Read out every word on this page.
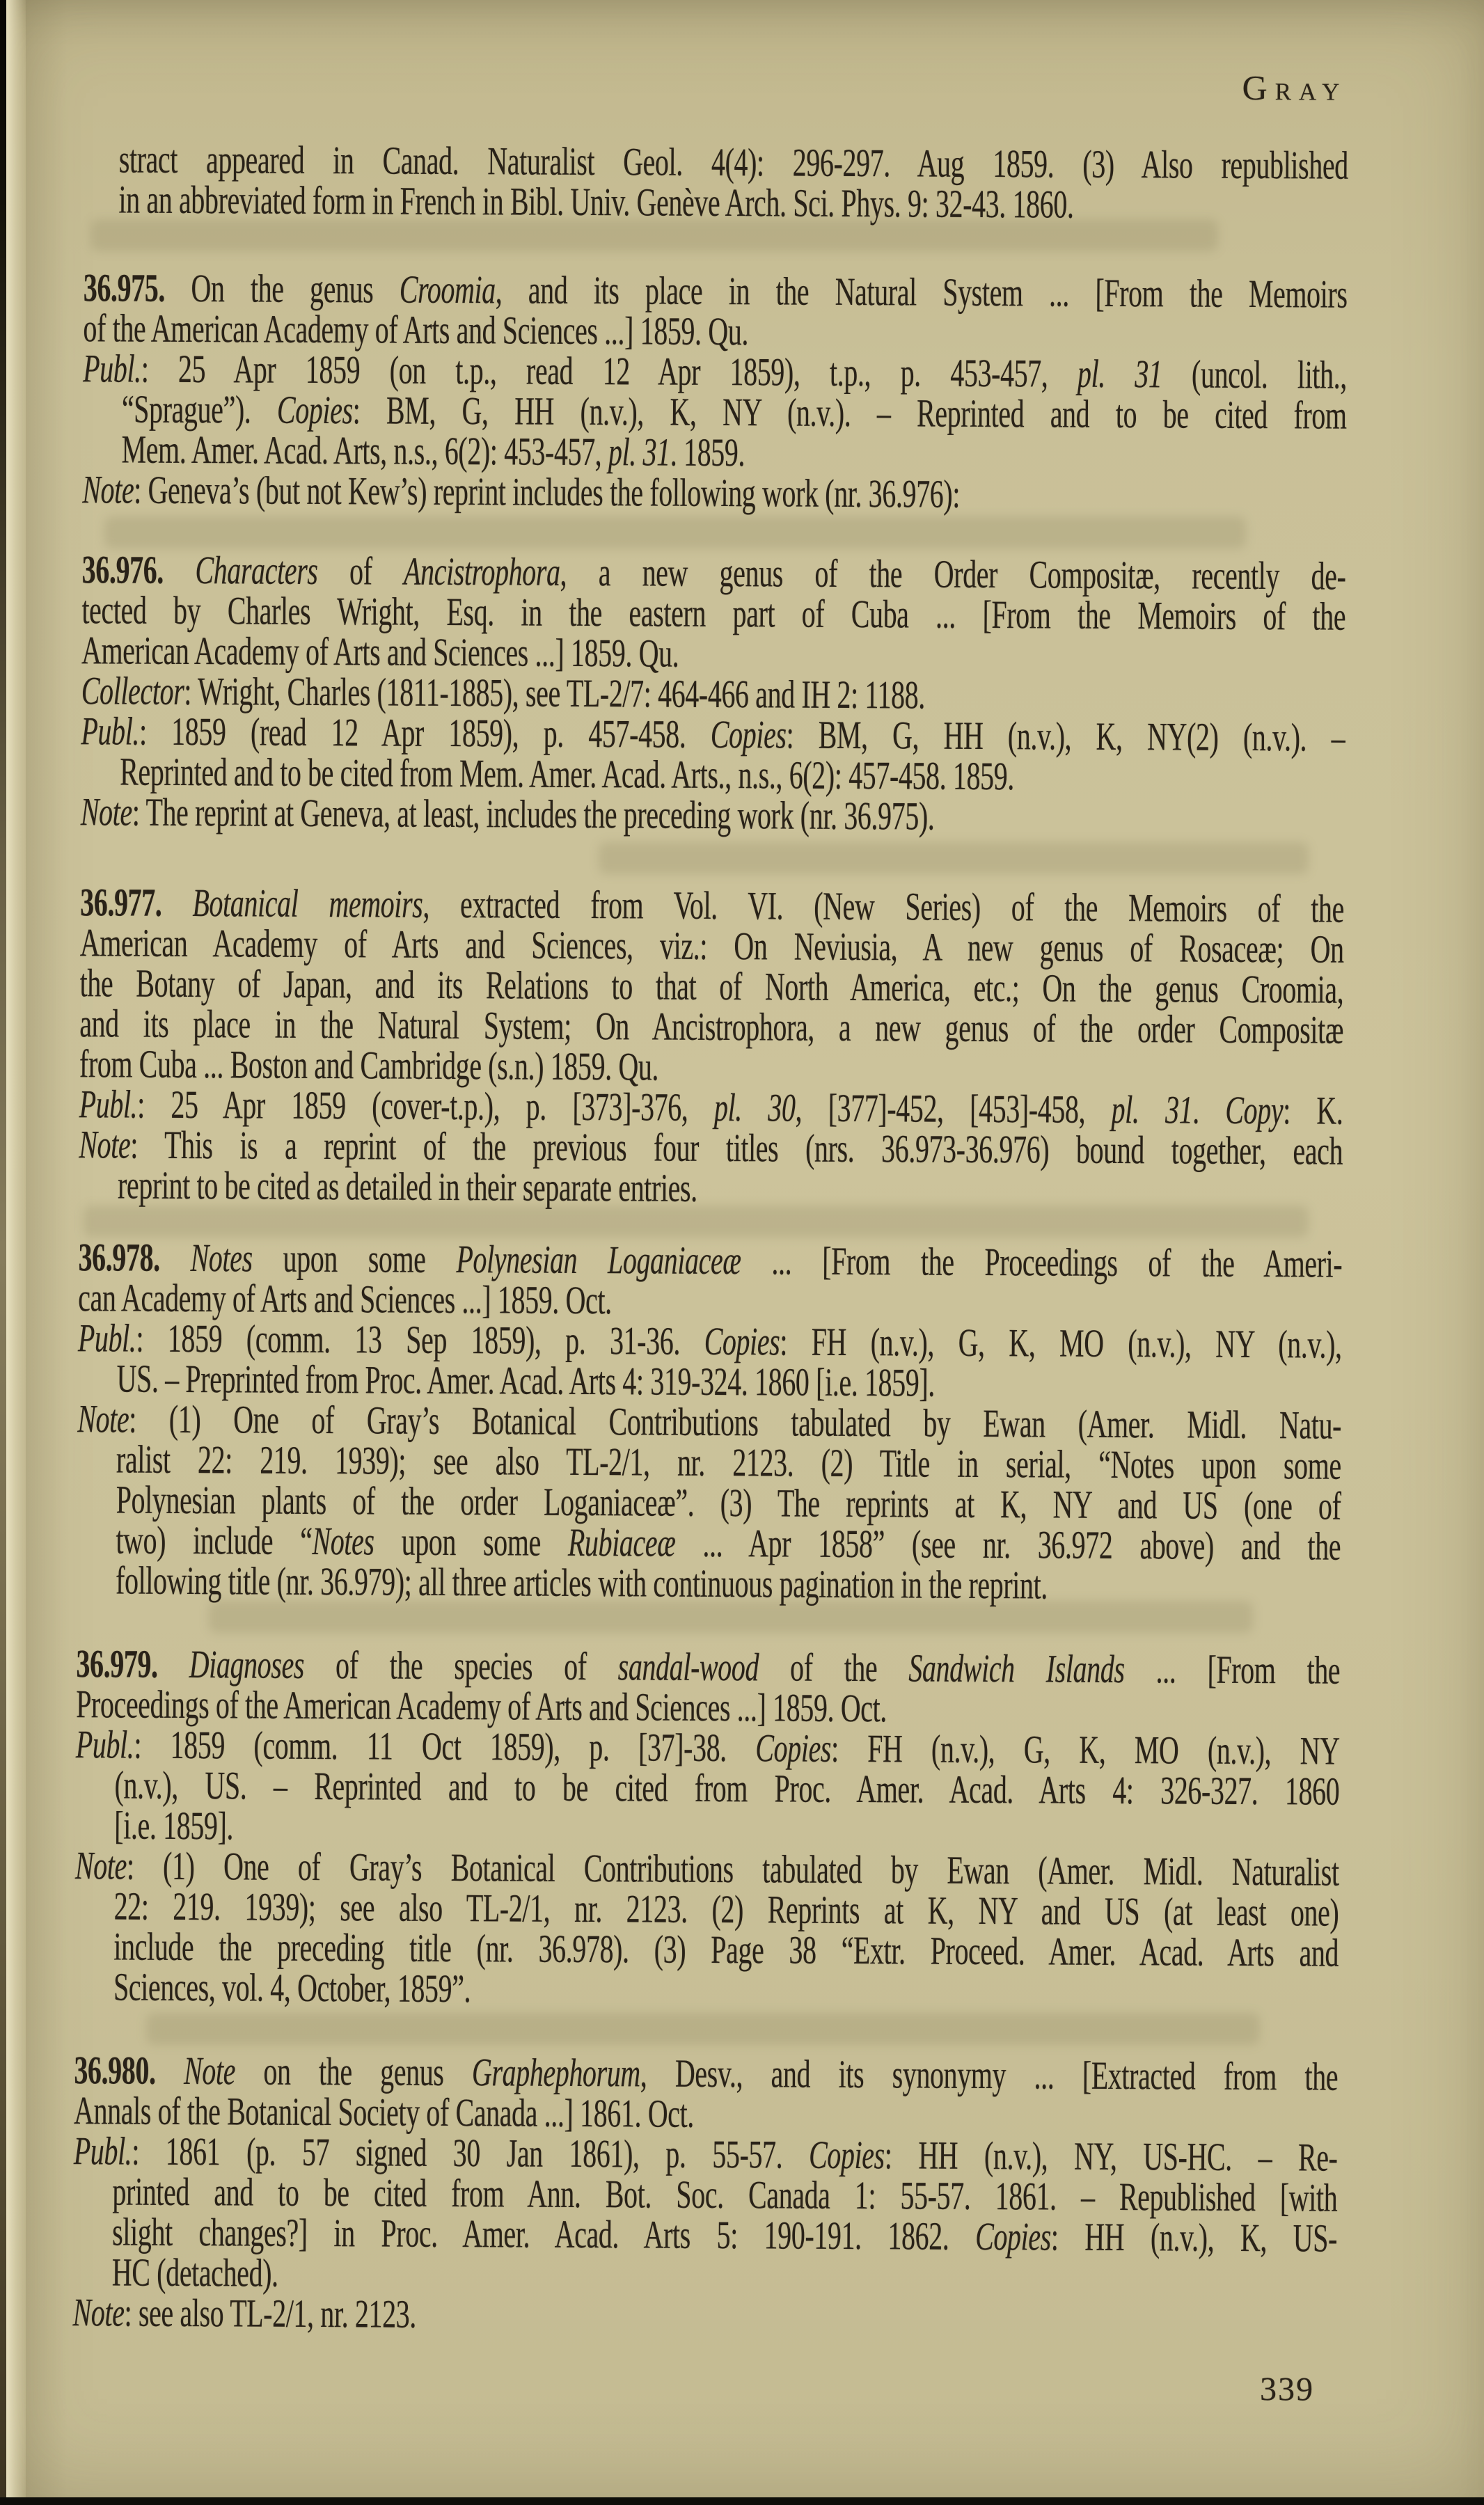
Gray
stract appeared in Canad. Naturalist Geol. 4(4): 296-297. Aug 1859. (3) Also republished
in an abbreviated form in French in Bibl. Univ. Genève Arch. Sci. Phys. 9: 32-43. 1860.
36.975. On the genus Croomia, and its place in the Natural System ... [From the Memoirs
of the American Academy of Arts and Sciences ...] 1859. Qu.
Publ.: 25 Apr 1859 (on t.p., read 12 Apr 1859), t.p., p. 453-457, pl. 31 (uncol. lith.,
“Sprague”). Copies: BM, G, HH (n.v.), K, NY (n.v.). – Reprinted and to be cited from
Mem. Amer. Acad. Arts, n.s., 6(2): 453-457, pl. 31. 1859.
Note: Geneva’s (but not Kew’s) reprint includes the following work (nr. 36.976):
36.976. Characters of Ancistrophora, a new genus of the Order Compositæ, recently de-
tected by Charles Wright, Esq. in the eastern part of Cuba ... [From the Memoirs of the
American Academy of Arts and Sciences ...] 1859. Qu.
Collector: Wright, Charles (1811-1885), see TL-2/7: 464-466 and IH 2: 1188.
Publ.: 1859 (read 12 Apr 1859), p. 457-458. Copies: BM, G, HH (n.v.), K, NY(2) (n.v.). –
Reprinted and to be cited from Mem. Amer. Acad. Arts., n.s., 6(2): 457-458. 1859.
Note: The reprint at Geneva, at least, includes the preceding work (nr. 36.975).
36.977. Botanical memoirs, extracted from Vol. VI. (New Series) of the Memoirs of the
American Academy of Arts and Sciences, viz.: On Neviusia, A new genus of Rosaceæ; On
the Botany of Japan, and its Relations to that of North America, etc.; On the genus Croomia,
and its place in the Natural System; On Ancistrophora, a new genus of the order Compositæ
from Cuba ... Boston and Cambridge (s.n.) 1859. Qu.
Publ.: 25 Apr 1859 (cover-t.p.), p. [373]-376, pl. 30, [377]-452, [453]-458, pl. 31. Copy: K.
Note: This is a reprint of the previous four titles (nrs. 36.973-36.976) bound together, each
reprint to be cited as detailed in their separate entries.
36.978. Notes upon some Polynesian Loganiaceæ ... [From the Proceedings of the Ameri-
can Academy of Arts and Sciences ...] 1859. Oct.
Publ.: 1859 (comm. 13 Sep 1859), p. 31-36. Copies: FH (n.v.), G, K, MO (n.v.), NY (n.v.),
US. – Preprinted from Proc. Amer. Acad. Arts 4: 319-324. 1860 [i.e. 1859].
Note: (1) One of Gray’s Botanical Contributions tabulated by Ewan (Amer. Midl. Natu-
ralist 22: 219. 1939); see also TL-2/1, nr. 2123. (2) Title in serial, “Notes upon some
Polynesian plants of the order Loganiaceæ”. (3) The reprints at K, NY and US (one of
two) include “Notes upon some Rubiaceæ ... Apr 1858” (see nr. 36.972 above) and the
following title (nr. 36.979); all three articles with continuous pagination in the reprint.
36.979. Diagnoses of the species of sandal-wood of the Sandwich Islands ... [From the
Proceedings of the American Academy of Arts and Sciences ...] 1859. Oct.
Publ.: 1859 (comm. 11 Oct 1859), p. [37]-38. Copies: FH (n.v.), G, K, MO (n.v.), NY
(n.v.), US. – Reprinted and to be cited from Proc. Amer. Acad. Arts 4: 326-327. 1860
[i.e. 1859].
Note: (1) One of Gray’s Botanical Contributions tabulated by Ewan (Amer. Midl. Naturalist
22: 219. 1939); see also TL-2/1, nr. 2123. (2) Reprints at K, NY and US (at least one)
include the preceding title (nr. 36.978). (3) Page 38 “Extr. Proceed. Amer. Acad. Arts and
Sciences, vol. 4, October, 1859”.
36.980. Note on the genus Graphephorum, Desv., and its synonymy ... [Extracted from the
Annals of the Botanical Society of Canada ...] 1861. Oct.
Publ.: 1861 (p. 57 signed 30 Jan 1861), p. 55-57. Copies: HH (n.v.), NY, US-HC. – Re-
printed and to be cited from Ann. Bot. Soc. Canada 1: 55-57. 1861. – Republished [with
slight changes?] in Proc. Amer. Acad. Arts 5: 190-191. 1862. Copies: HH (n.v.), K, US-
HC (detached).
Note: see also TL-2/1, nr. 2123.
339
